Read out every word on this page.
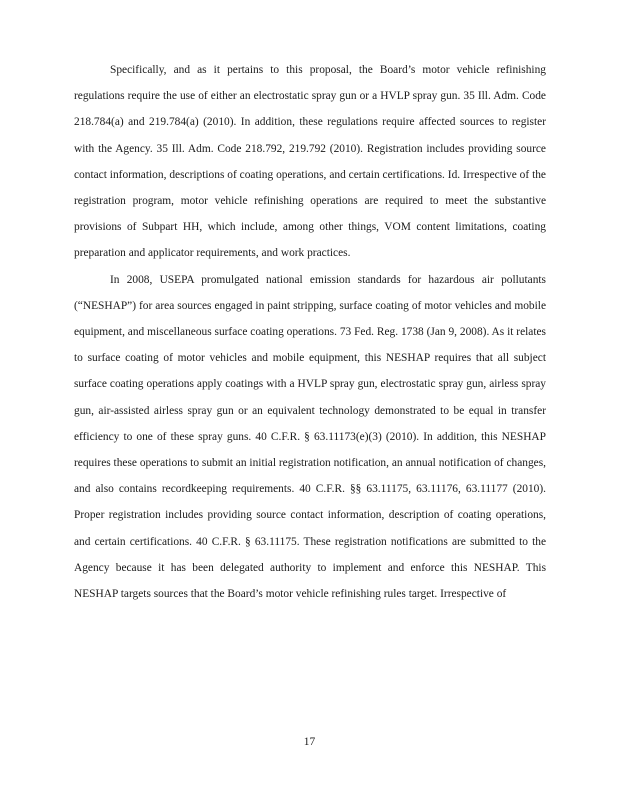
Specifically, and as it pertains to this proposal, the Board’s motor vehicle refinishing regulations require the use of either an electrostatic spray gun or a HVLP spray gun. 35 Ill. Adm. Code 218.784(a) and 219.784(a) (2010). In addition, these regulations require affected sources to register with the Agency. 35 Ill. Adm. Code 218.792, 219.792 (2010). Registration includes providing source contact information, descriptions of coating operations, and certain certifications. Id. Irrespective of the registration program, motor vehicle refinishing operations are required to meet the substantive provisions of Subpart HH, which include, among other things, VOM content limitations, coating preparation and applicator requirements, and work practices.

In 2008, USEPA promulgated national emission standards for hazardous air pollutants (“NESHAP”) for area sources engaged in paint stripping, surface coating of motor vehicles and mobile equipment, and miscellaneous surface coating operations. 73 Fed. Reg. 1738 (Jan 9, 2008). As it relates to surface coating of motor vehicles and mobile equipment, this NESHAP requires that all subject surface coating operations apply coatings with a HVLP spray gun, electrostatic spray gun, airless spray gun, air-assisted airless spray gun or an equivalent technology demonstrated to be equal in transfer efficiency to one of these spray guns. 40 C.F.R. § 63.11173(e)(3) (2010). In addition, this NESHAP requires these operations to submit an initial registration notification, an annual notification of changes, and also contains recordkeeping requirements. 40 C.F.R. §§ 63.11175, 63.11176, 63.11177 (2010). Proper registration includes providing source contact information, description of coating operations, and certain certifications. 40 C.F.R. § 63.11175. These registration notifications are submitted to the Agency because it has been delegated authority to implement and enforce this NESHAP. This NESHAP targets sources that the Board’s motor vehicle refinishing rules target. Irrespective of

17
